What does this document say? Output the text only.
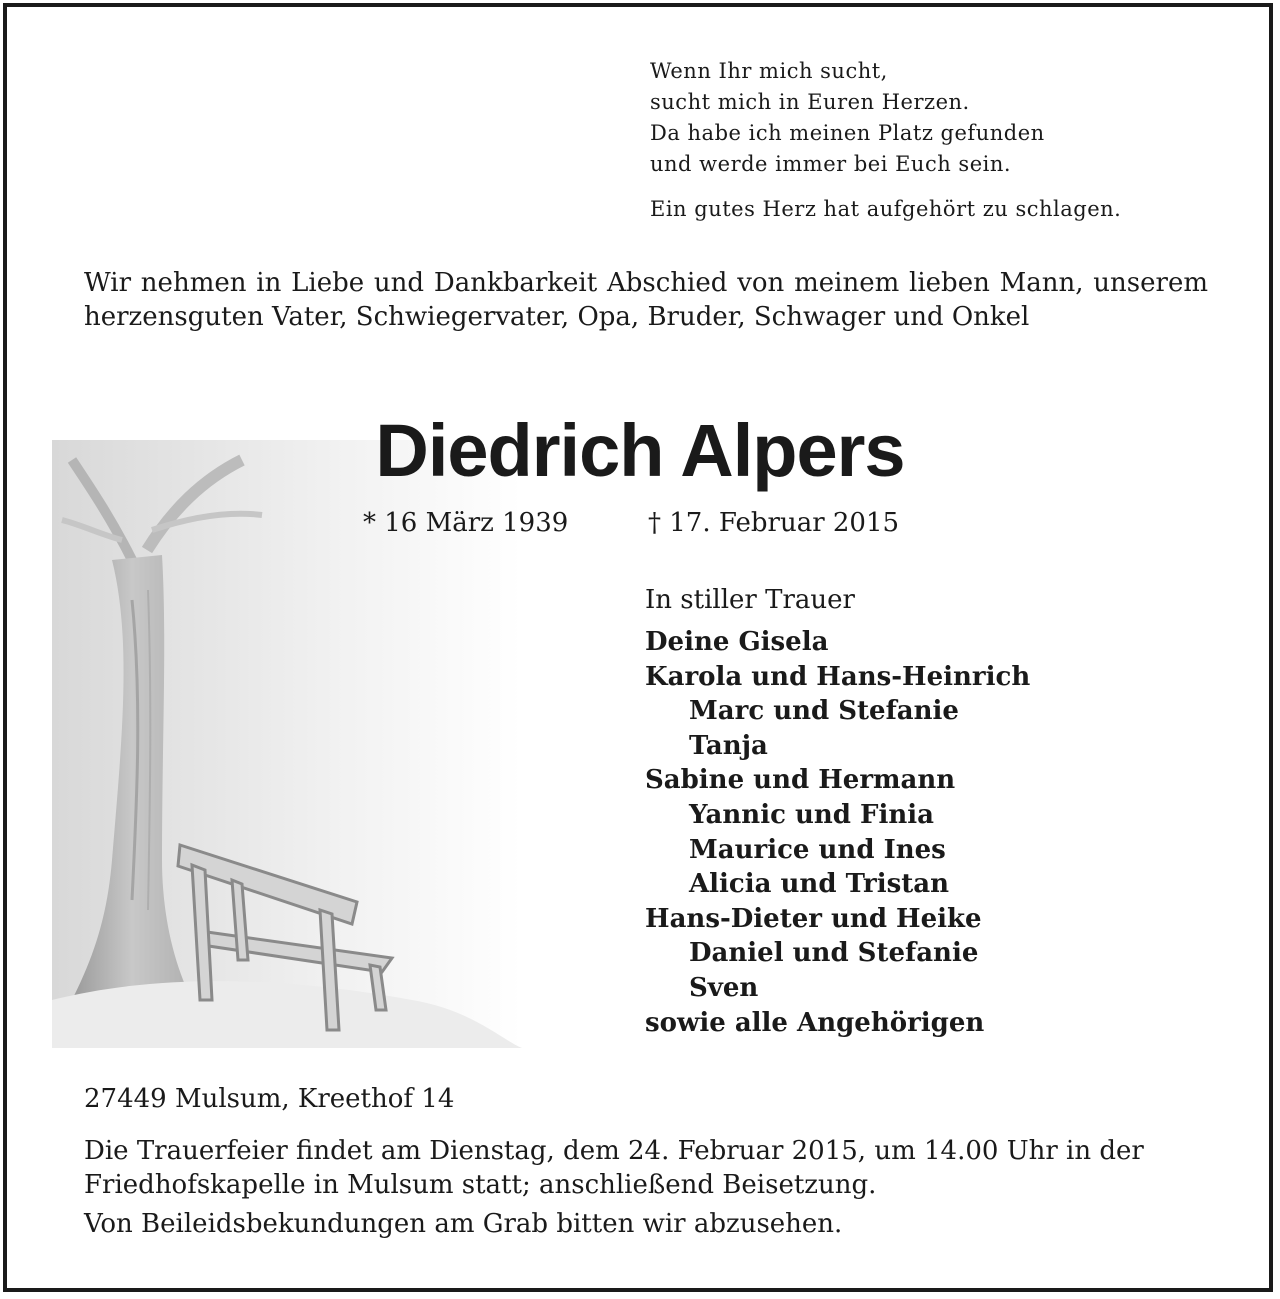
Wenn Ihr mich sucht,
sucht mich in Euren Herzen.
Da habe ich meinen Platz gefunden
und werde immer bei Euch sein.
Ein gutes Herz hat aufgehört zu schlagen.
Wir nehmen in Liebe und Dankbarkeit Abschied von meinem lieben Mann, unserem herzensguten Vater, Schwiegervater, Opa, Bruder, Schwager und Onkel
Diedrich Alpers
* 16 März 1939	† 17. Februar 2015
In stiller Trauer
Deine Gisela
Karola und Hans-Heinrich
Marc und Stefanie
Tanja
Sabine und Hermann
Yannic und Finia
Maurice und Ines
Alicia und Tristan
Hans-Dieter und Heike
Daniel und Stefanie
Sven
sowie alle Angehörigen
27449 Mulsum, Kreethof 14
Die Trauerfeier findet am Dienstag, dem 24. Februar 2015, um 14.00 Uhr in der Friedhofskapelle in Mulsum statt; anschließend Beisetzung.
Von Beileidsbekundungen am Grab bitten wir abzusehen.
